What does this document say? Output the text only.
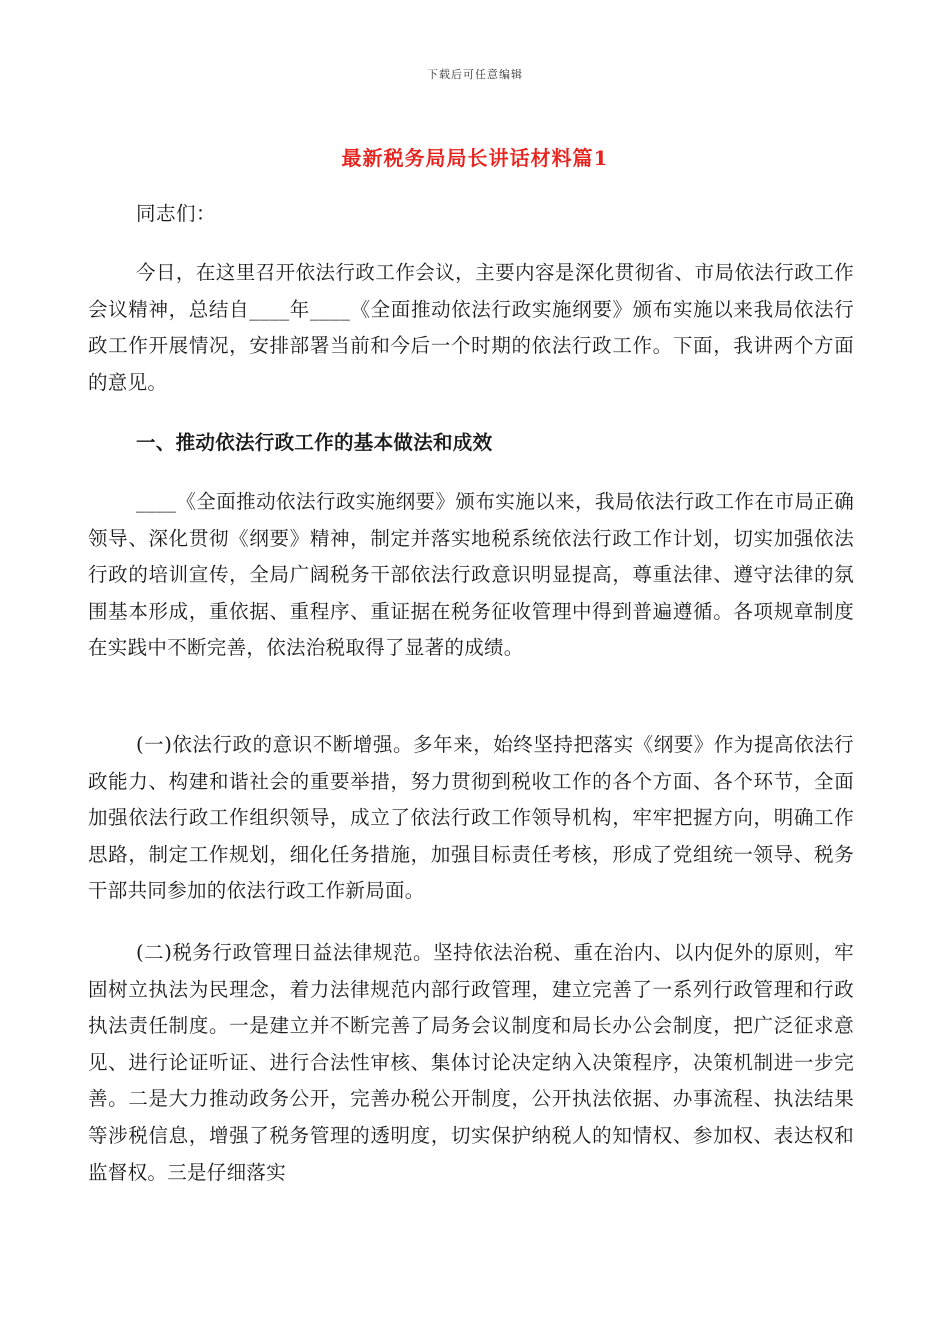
下载后可任意编辑
最新税务局局长讲话材料篇1
同志们：
今日，在这里召开依法行政工作会议，主要内容是深化贯彻省、市局依法行政工作会议精神，总结自____年____《全面推动依法行政实施纲要》颁布实施以来我局依法行政工作开展情况，安排部署当前和今后一个时期的依法行政工作。下面，我讲两个方面的意见。
一、推动依法行政工作的基本做法和成效
____《全面推动依法行政实施纲要》颁布实施以来，我局依法行政工作在市局正确领导、深化贯彻《纲要》精神，制定并落实地税系统依法行政工作计划，切实加强依法行政的培训宣传，全局广阔税务干部依法行政意识明显提高，尊重法律、遵守法律的氛围基本形成，重依据、重程序、重证据在税务征收管理中得到普遍遵循。各项规章制度在实践中不断完善，依法治税取得了显著的成绩。
(一)依法行政的意识不断增强。多年来，始终坚持把落实《纲要》作为提高依法行政能力、构建和谐社会的重要举措，努力贯彻到税收工作的各个方面、各个环节，全面加强依法行政工作组织领导，成立了依法行政工作领导机构，牢牢把握方向，明确工作思路，制定工作规划，细化任务措施，加强目标责任考核，形成了党组统一领导、税务干部共同参加的依法行政工作新局面。
(二)税务行政管理日益法律规范。坚持依法治税、重在治内、以内促外的原则，牢固树立执法为民理念，着力法律规范内部行政管理，建立完善了一系列行政管理和行政执法责任制度。一是建立并不断完善了局务会议制度和局长办公会制度，把广泛征求意见、进行论证听证、进行合法性审核、集体讨论决定纳入决策程序，决策机制进一步完善。二是大力推动政务公开，完善办税公开制度，公开执法依据、办事流程、执法结果等涉税信息，增强了税务管理的透明度，切实保护纳税人的知情权、参加权、表达权和监督权。三是仔细落实
